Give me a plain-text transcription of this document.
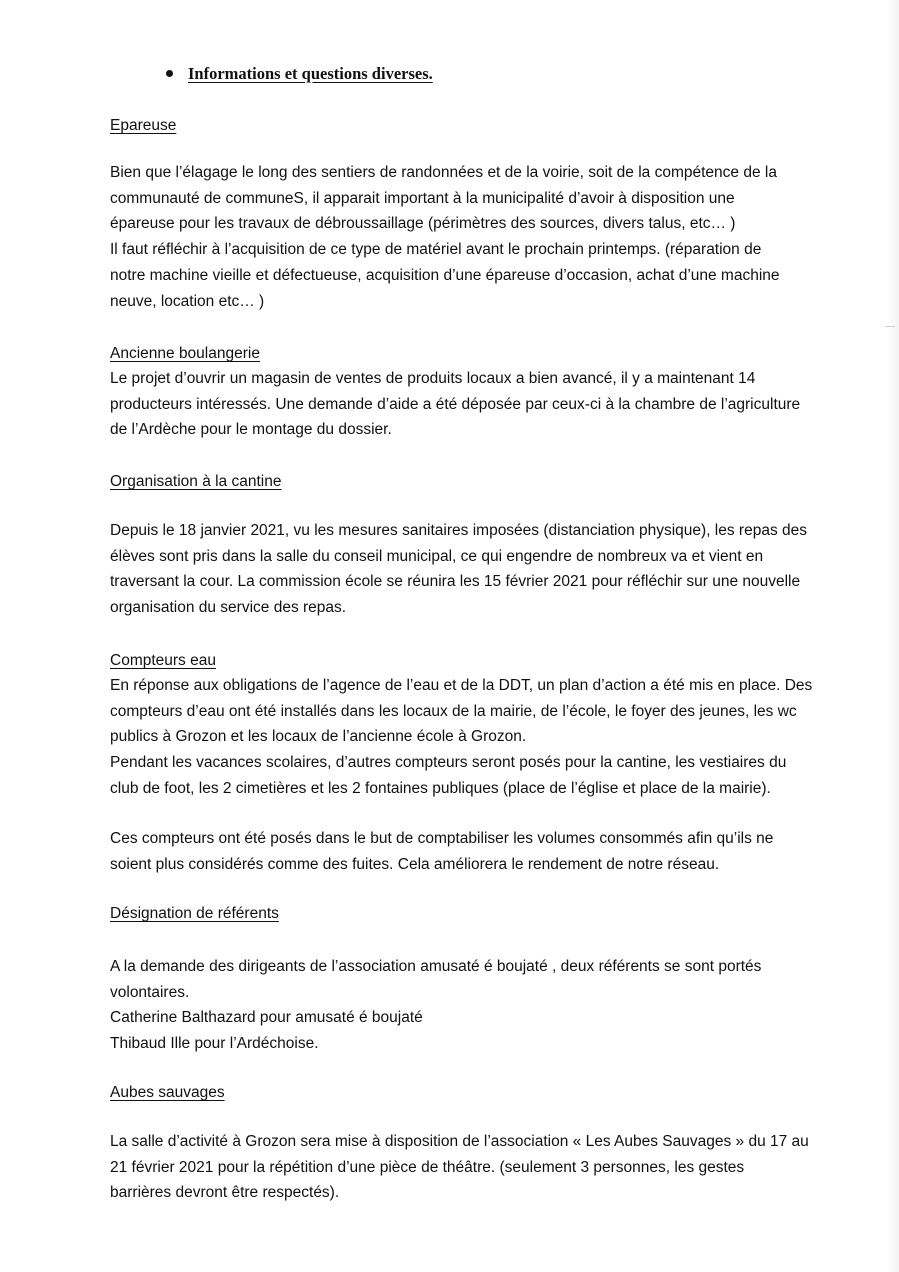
Informations et questions diverses.
Epareuse
Bien que l’élagage le long des sentiers de randonnées et de la voirie, soit de la compétence de la
communauté de communeS, il apparait important à la municipalité d’avoir à disposition une
épareuse pour les travaux de débroussaillage (périmètres des sources, divers talus, etc… )
Il faut réfléchir à l’acquisition de ce type de matériel avant le prochain printemps. (réparation de
notre machine vieille et défectueuse, acquisition d’une épareuse d’occasion, achat d’une machine
neuve, location etc… )
Ancienne boulangerie
Le projet d’ouvrir un magasin de ventes de produits locaux a bien avancé, il y a maintenant 14
producteurs intéressés. Une demande d’aide a été déposée par ceux-ci à la chambre de l’agriculture
de l’Ardèche pour le montage du dossier.
Organisation à la cantine
Depuis le 18 janvier 2021, vu les mesures sanitaires imposées (distanciation physique), les repas des
élèves sont pris dans la salle du conseil municipal, ce qui engendre de nombreux va et vient en
traversant la cour. La commission école se réunira les 15 février 2021 pour réfléchir sur une nouvelle
organisation du service des repas.
Compteurs eau
En réponse aux obligations de l’agence de l’eau et de la DDT, un plan d’action a été mis en place. Des
compteurs d’eau ont été installés dans les locaux de la mairie, de l’école, le foyer des jeunes, les wc
publics à Grozon et les locaux de l’ancienne école à Grozon.
Pendant les vacances scolaires, d’autres compteurs seront posés pour la cantine, les vestiaires du
club de foot, les 2 cimetières et les 2 fontaines publiques (place de l’église et place de la mairie).
Ces compteurs ont été posés dans le but de comptabiliser les volumes consommés afin qu’ils ne
soient plus considérés comme des fuites. Cela améliorera le rendement de notre réseau.
Désignation de référents
A la demande des dirigeants de l’association amusaté é boujaté , deux référents se sont portés
volontaires.
Catherine Balthazard pour amusaté é boujaté
Thibaud Ille pour l’Ardéchoise.
Aubes sauvages
La salle d’activité à Grozon sera mise à disposition de l’association « Les Aubes Sauvages » du 17 au
21 février 2021 pour la répétition d’une pièce de théâtre. (seulement 3 personnes, les gestes
barrières devront être respectés).
